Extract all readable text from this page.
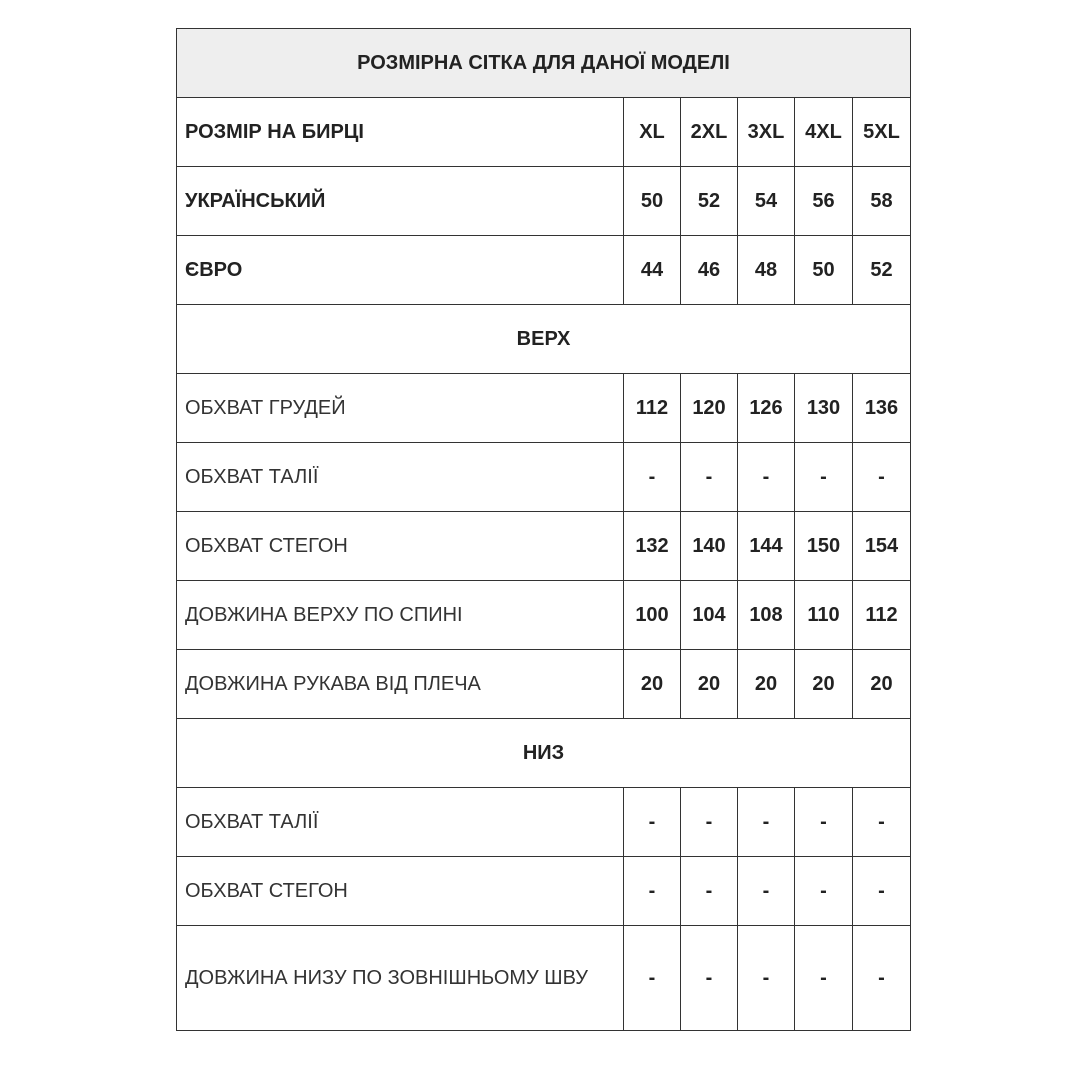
РОЗМІРНА СІТКА ДЛЯ ДАНОЇ МОДЕЛІ					
РОЗМІР НА БИРЦІ	XL	2XL	3XL	4XL	5XL
УКРАЇНСЬКИЙ	50	52	54	56	58
ЄВРО	44	46	48	50	52
ВЕРХ					
ОБХВАТ ГРУДЕЙ	112	120	126	130	136
ОБХВАТ ТАЛІЇ	-	-	-	-	-
ОБХВАТ СТЕГОН	132	140	144	150	154
ДОВЖИНА ВЕРХУ ПО СПИНІ	100	104	108	110	112
ДОВЖИНА РУКАВА ВІД ПЛЕЧА	20	20	20	20	20
НИЗ					
ОБХВАТ ТАЛІЇ	-	-	-	-	-
ОБХВАТ СТЕГОН	-	-	-	-	-
ДОВЖИНА НИЗУ ПО ЗОВНІШНЬОМУ ШВУ	-	-	-	-	-
